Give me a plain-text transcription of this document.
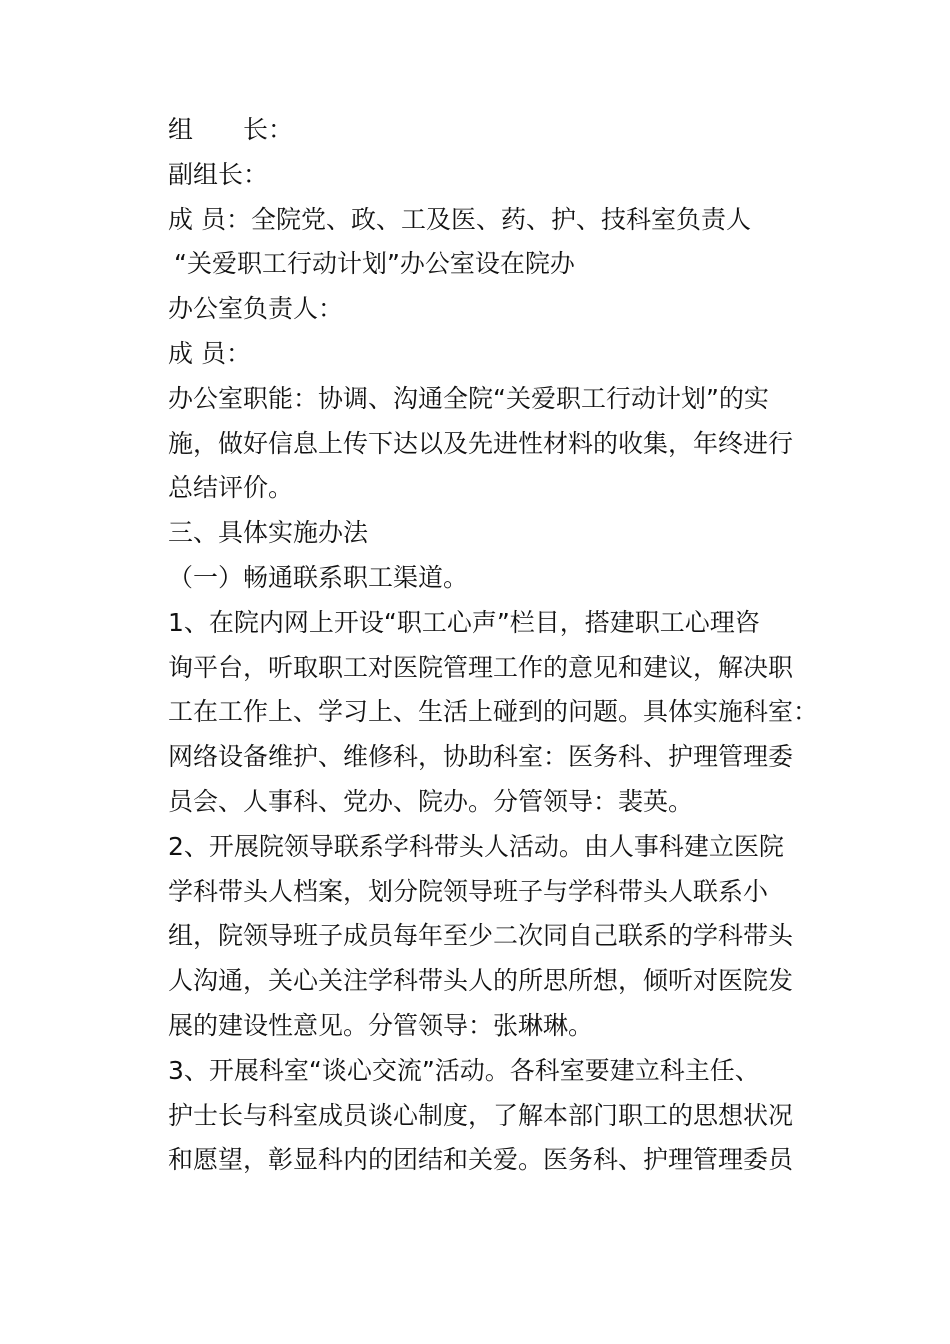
组　　长：
副组长：
成 员：全院党、政、工及医、药、护、技科室负责人
“关爱职工行动计划”办公室设在院办
办公室负责人：
成 员：
办公室职能：协调、沟通全院“关爱职工行动计划”的实
施，做好信息上传下达以及先进性材料的收集，年终进行
总结评价。
三、具体实施办法
（一）畅通联系职工渠道。
1、在院内网上开设“职工心声”栏目，搭建职工心理咨
询平台，听取职工对医院管理工作的意见和建议，解决职
工在工作上、学习上、生活上碰到的问题。具体实施科室：
网络设备维护、维修科，协助科室：医务科、护理管理委
员会、人事科、党办、院办。分管领导：裴英。
2、开展院领导联系学科带头人活动。由人事科建立医院
学科带头人档案，划分院领导班子与学科带头人联系小
组，院领导班子成员每年至少二次同自己联系的学科带头
人沟通，关心关注学科带头人的所思所想，倾听对医院发
展的建设性意见。分管领导：张琳琳。
3、开展科室“谈心交流”活动。各科室要建立科主任、
护士长与科室成员谈心制度，了解本部门职工的思想状况
和愿望，彰显科内的团结和关爱。医务科、护理管理委员
